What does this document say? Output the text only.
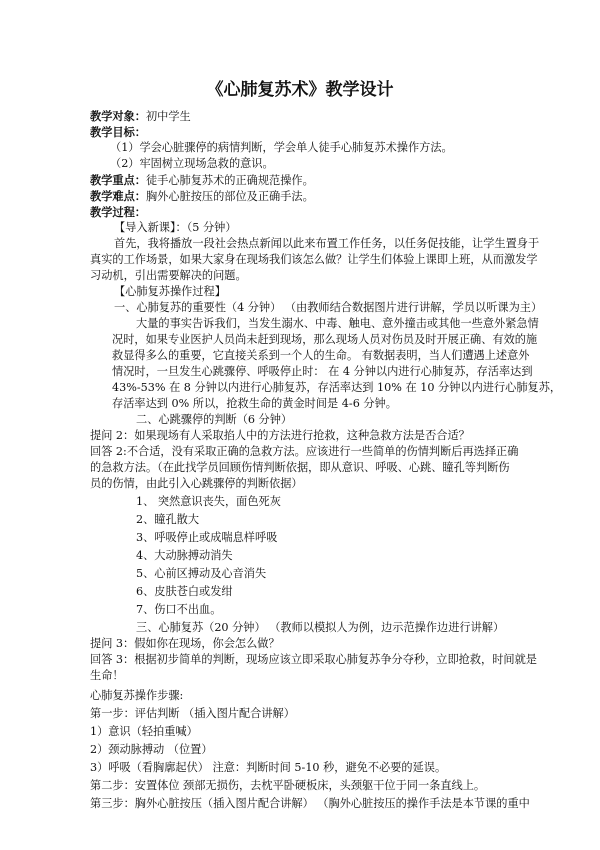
《心肺复苏术》教学设计
教学对象：初中学生
教学目标：
（1）学会心脏骤停的病情判断，学会单人徒手心肺复苏术操作方法。
（2）牢固树立现场急救的意识。
教学重点：徒手心肺复苏术的正确规范操作。
教学难点：胸外心脏按压的部位及正确手法。
教学过程：
【导入新课】：（5 分钟）
首先，我将播放一段社会热点新闻以此来布置工作任务，以任务促技能，让学生置身于
真实的工作场景，如果大家身在现场我们该怎么做？让学生们体验上课即上班，从而激发学
习动机，引出需要解决的问题。
【心肺复苏操作过程】
一、心肺复苏的重要性（4 分钟） （由教师结合数据图片进行讲解，学员以听课为主）
大量的事实告诉我们，当发生溺水、中毒、触电、意外撞击或其他一些意外紧急情
况时，如果专业医护人员尚未赶到现场，那么现场人员对伤员及时开展正确、有效的施
救显得多么的重要，它直接关系到一个人的生命。 有数据表明，当人们遭遇上述意外
情况时，一旦发生心跳骤停、呼吸停止时： 在 4 分钟以内进行心肺复苏，存活率达到
43%-53% 在 8 分钟以内进行心肺复苏，存活率达到 10% 在 10 分钟以内进行心肺复苏，
存活率达到 0% 所以，抢救生命的黄金时间是 4-6 分钟。
二、心跳骤停的判断（6 分钟）
提问 2：如果现场有人采取掐人中的方法进行抢救，这种急救方法是否合适？
回答 2:不合适，没有采取正确的急救方法。应该进行一些简单的伤情判断后再选择正确
的急救方法。（在此找学员回顾伤情判断依据，即从意识、呼吸、心跳、瞳孔等判断伤
员的伤情，由此引入心跳骤停的判断依据）
1、 突然意识丧失，面色死灰
2、瞳孔散大
3、呼吸停止或成喘息样呼吸
4、大动脉搏动消失
5、心前区搏动及心音消失
6、皮肤苍白或发绀
7、伤口不出血。
三、心肺复苏（20 分钟） （教师以模拟人为例，边示范操作边进行讲解）
提问 3：假如你在现场，你会怎么做？
回答 3：根据初步简单的判断，现场应该立即采取心肺复苏争分夺秒，立即抢救，时间就是
生命！
心肺复苏操作步骤:
第一步：评估判断 （插入图片配合讲解）
1）意识（轻拍重喊）
2）颈动脉搏动 （位置）
3）呼吸（看胸廓起伏） 注意：判断时间 5-10 秒，避免不必要的延误。
第二步：安置体位 颈部无损伤，去枕平卧硬板床，头颈躯干位于同一条直线上。
第三步：胸外心脏按压（插入图片配合讲解） （胸外心脏按压的操作手法是本节课的重中
